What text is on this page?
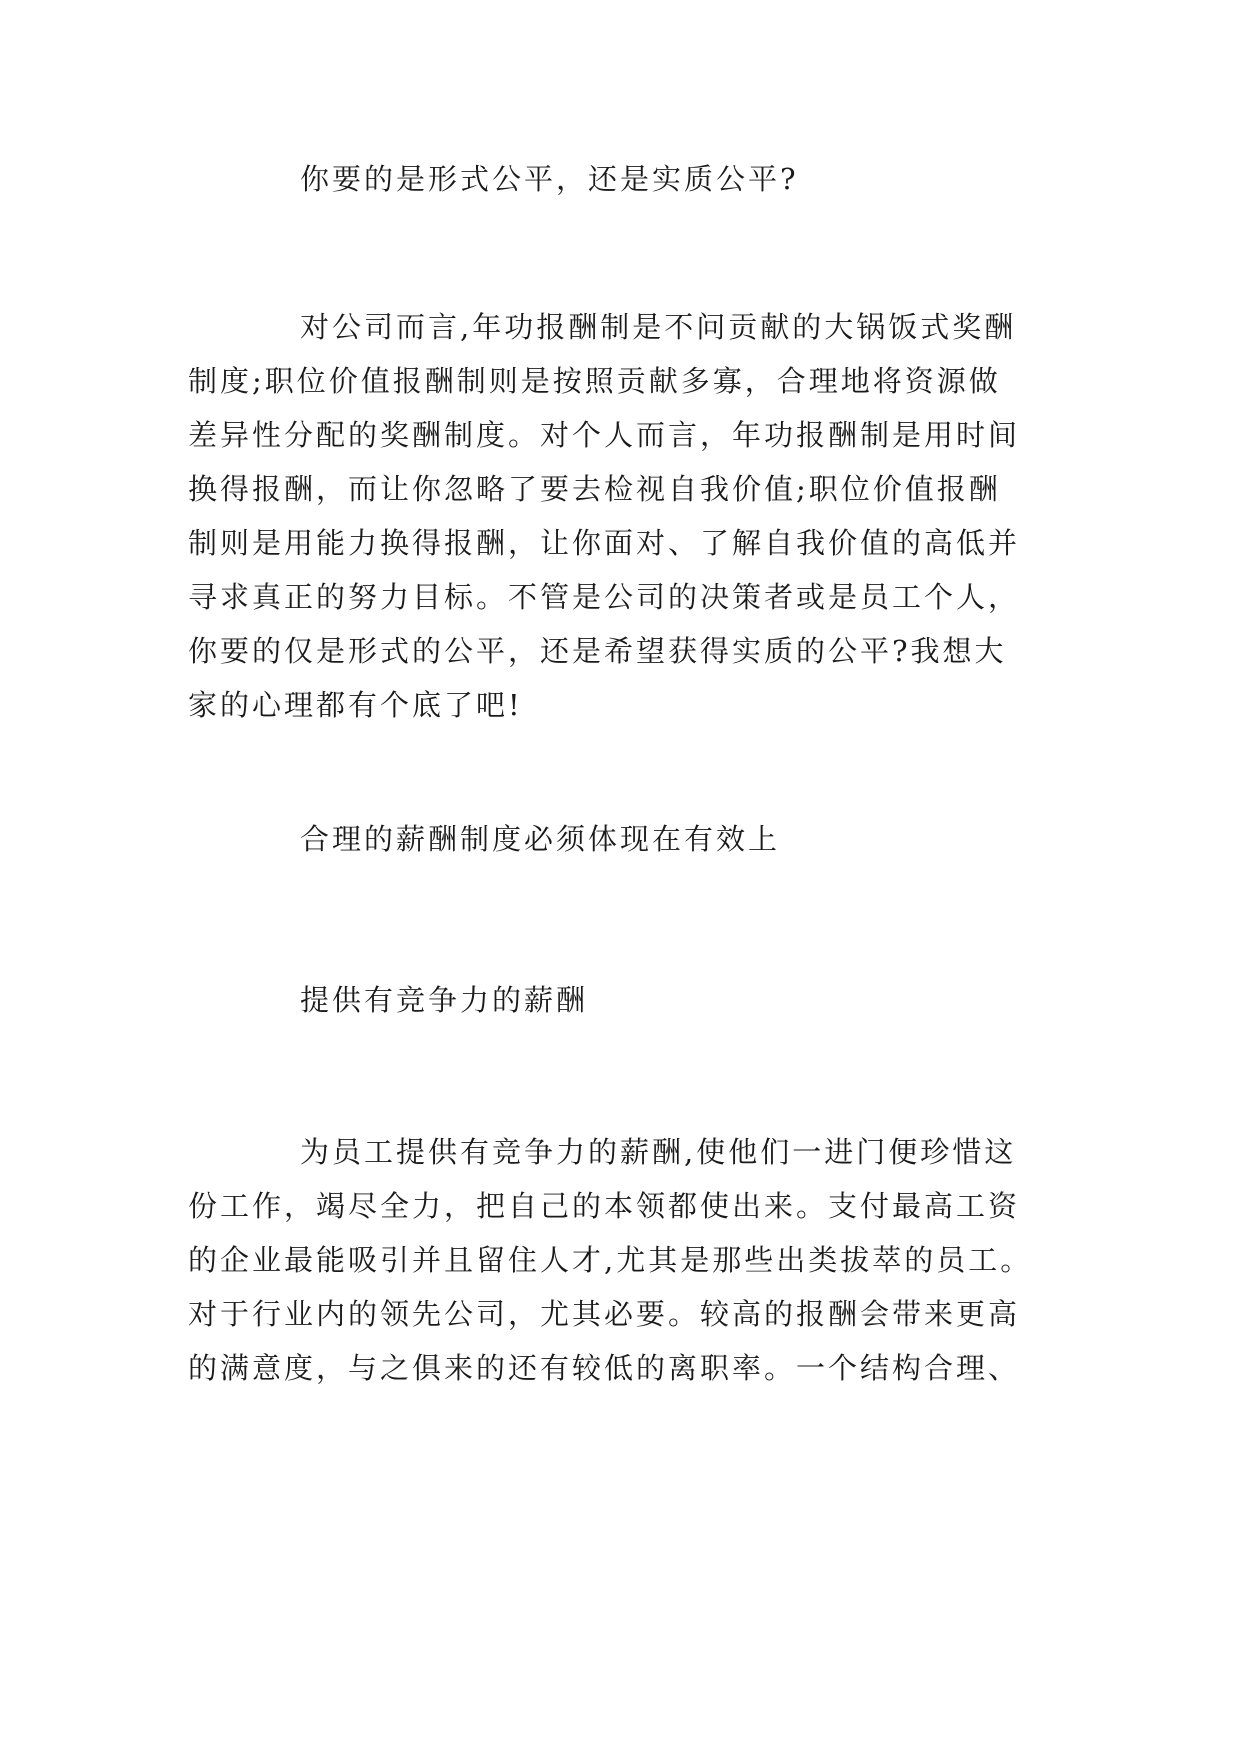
你要的是形式公平，还是实质公平?
对公司而言,年功报酬制是不问贡献的大锅饭式奖酬
制度;职位价值报酬制则是按照贡献多寡，合理地将资源做
差异性分配的奖酬制度。对个人而言，年功报酬制是用时间
换得报酬，而让你忽略了要去检视自我价值;职位价值报酬
制则是用能力换得报酬，让你面对、了解自我价值的高低并
寻求真正的努力目标。不管是公司的决策者或是员工个人，
你要的仅是形式的公平，还是希望获得实质的公平?我想大
家的心理都有个底了吧!
合理的薪酬制度必须体现在有效上
提供有竞争力的薪酬
为员工提供有竞争力的薪酬,使他们一进门便珍惜这
份工作，竭尽全力，把自己的本领都使出来。支付最高工资
的企业最能吸引并且留住人才,尤其是那些出类拔萃的员工。
对于行业内的领先公司，尤其必要。较高的报酬会带来更高
的满意度，与之俱来的还有较低的离职率。一个结构合理、
